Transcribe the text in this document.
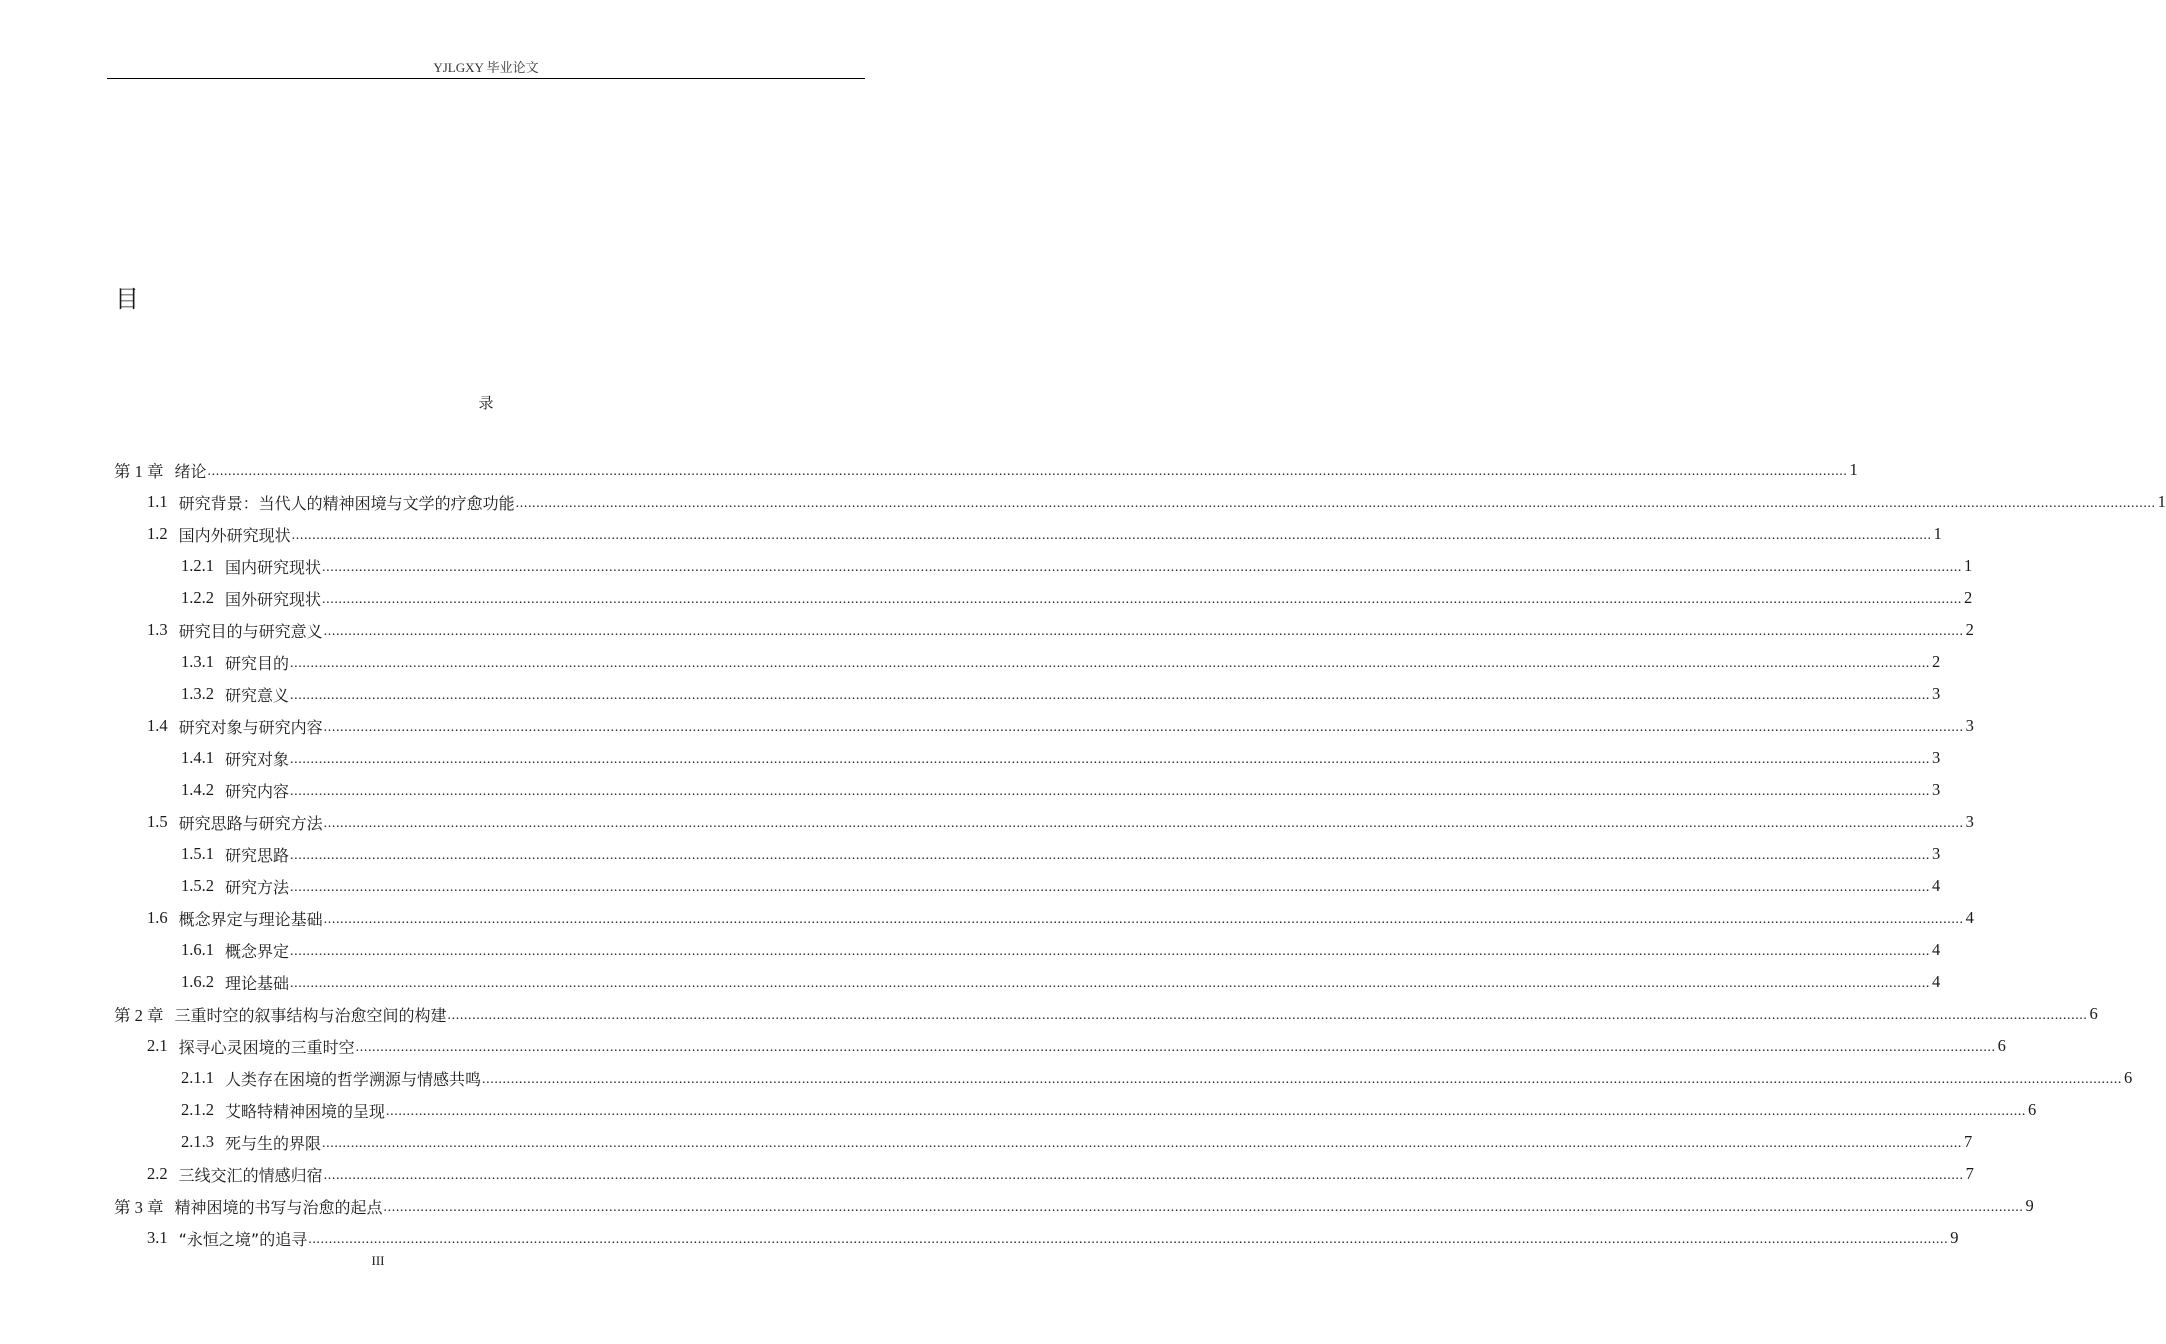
YJLGXY 毕业论文
目
录
第 1 章 绪论 ................................................................................................................................................................................................................................................................................................................................................................................................................ 1
1.1 研究背景：当代人的精神困境与文学的疗愈功能 ................................................................................................................................................................................................................................................................................................................................................................................................................ 1
1.2 国内外研究现状 ................................................................................................................................................................................................................................................................................................................................................................................................................ 1
1.2.1 国内研究现状 ................................................................................................................................................................................................................................................................................................................................................................................................................ 1
1.2.2 国外研究现状 ................................................................................................................................................................................................................................................................................................................................................................................................................ 2
1.3 研究目的与研究意义 ................................................................................................................................................................................................................................................................................................................................................................................................................ 2
1.3.1 研究目的 ................................................................................................................................................................................................................................................................................................................................................................................................................ 2
1.3.2 研究意义 ................................................................................................................................................................................................................................................................................................................................................................................................................ 3
1.4 研究对象与研究内容 ................................................................................................................................................................................................................................................................................................................................................................................................................ 3
1.4.1 研究对象 ................................................................................................................................................................................................................................................................................................................................................................................................................ 3
1.4.2 研究内容 ................................................................................................................................................................................................................................................................................................................................................................................................................ 3
1.5 研究思路与研究方法 ................................................................................................................................................................................................................................................................................................................................................................................................................ 3
1.5.1 研究思路 ................................................................................................................................................................................................................................................................................................................................................................................................................ 3
1.5.2 研究方法 ................................................................................................................................................................................................................................................................................................................................................................................................................ 4
1.6 概念界定与理论基础 ................................................................................................................................................................................................................................................................................................................................................................................................................ 4
1.6.1 概念界定 ................................................................................................................................................................................................................................................................................................................................................................................................................ 4
1.6.2 理论基础 ................................................................................................................................................................................................................................................................................................................................................................................................................ 4
第 2 章 三重时空的叙事结构与治愈空间的构建 ................................................................................................................................................................................................................................................................................................................................................................................................................ 6
2.1 探寻心灵困境的三重时空 ................................................................................................................................................................................................................................................................................................................................................................................................................ 6
2.1.1 人类存在困境的哲学溯源与情感共鸣 ................................................................................................................................................................................................................................................................................................................................................................................................................ 6
2.1.2 艾略特精神困境的呈现 ................................................................................................................................................................................................................................................................................................................................................................................................................ 6
2.1.3 死与生的界限 ................................................................................................................................................................................................................................................................................................................................................................................................................ 7
2.2 三线交汇的情感归宿 ................................................................................................................................................................................................................................................................................................................................................................................................................ 7
第 3 章 精神困境的书写与治愈的起点 ................................................................................................................................................................................................................................................................................................................................................................................................................ 9
3.1 “永恒之境”的追寻 ................................................................................................................................................................................................................................................................................................................................................................................................................ 9
III
